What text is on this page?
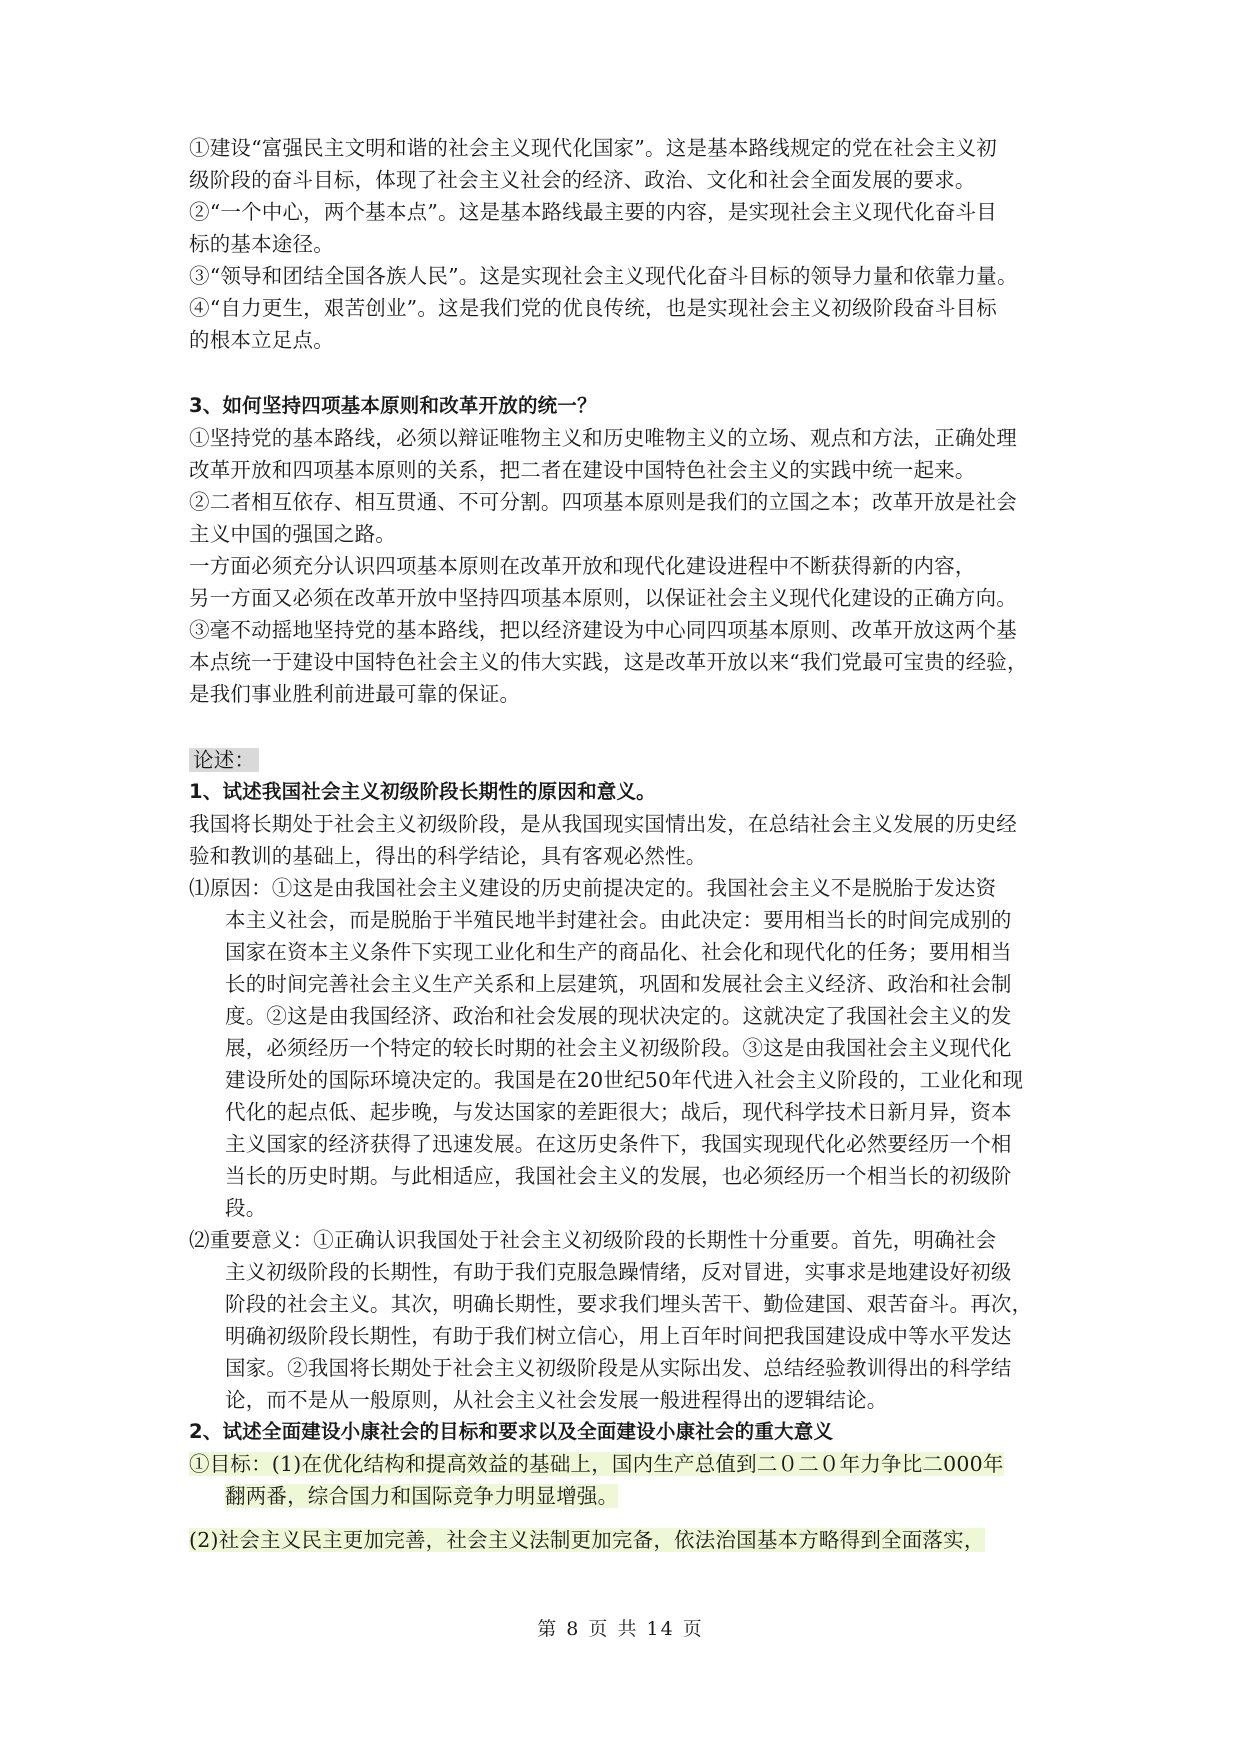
①建设“富强民主文明和谐的社会主义现代化国家”。这是基本路线规定的党在社会主义初
级阶段的奋斗目标，体现了社会主义社会的经济、政治、文化和社会全面发展的要求。
②“一个中心，两个基本点”。这是基本路线最主要的内容，是实现社会主义现代化奋斗目
标的基本途径。
③“领导和团结全国各族人民”。这是实现社会主义现代化奋斗目标的领导力量和依靠力量。
④“自力更生，艰苦创业”。这是我们党的优良传统，也是实现社会主义初级阶段奋斗目标
的根本立足点。
3、如何坚持四项基本原则和改革开放的统一？
①坚持党的基本路线，必须以辩证唯物主义和历史唯物主义的立场、观点和方法，正确处理
改革开放和四项基本原则的关系，把二者在建设中国特色社会主义的实践中统一起来。
②二者相互依存、相互贯通、不可分割。四项基本原则是我们的立国之本；改革开放是社会
主义中国的强国之路。
一方面必须充分认识四项基本原则在改革开放和现代化建设进程中不断获得新的内容，
另一方面又必须在改革开放中坚持四项基本原则，以保证社会主义现代化建设的正确方向。
③毫不动摇地坚持党的基本路线，把以经济建设为中心同四项基本原则、改革开放这两个基
本点统一于建设中国特色社会主义的伟大实践，这是改革开放以来“我们党最可宝贵的经验，
是我们事业胜利前进最可靠的保证。
论述：
1、试述我国社会主义初级阶段长期性的原因和意义。
我国将长期处于社会主义初级阶段，是从我国现实国情出发，在总结社会主义发展的历史经
验和教训的基础上，得出的科学结论，具有客观必然性。
⑴原因：①这是由我国社会主义建设的历史前提决定的。我国社会主义不是脱胎于发达资
本主义社会，而是脱胎于半殖民地半封建社会。由此决定：要用相当长的时间完成别的
国家在资本主义条件下实现工业化和生产的商品化、社会化和现代化的任务；要用相当
长的时间完善社会主义生产关系和上层建筑，巩固和发展社会主义经济、政治和社会制
度。②这是由我国经济、政治和社会发展的现状决定的。这就决定了我国社会主义的发
展，必须经历一个特定的较长时期的社会主义初级阶段。③这是由我国社会主义现代化
建设所处的国际环境决定的。我国是在20世纪50年代进入社会主义阶段的，工业化和现
代化的起点低、起步晚，与发达国家的差距很大；战后，现代科学技术日新月异，资本
主义国家的经济获得了迅速发展。在这历史条件下，我国实现现代化必然要经历一个相
当长的历史时期。与此相适应，我国社会主义的发展，也必须经历一个相当长的初级阶
段。
⑵重要意义：①正确认识我国处于社会主义初级阶段的长期性十分重要。首先，明确社会
主义初级阶段的长期性，有助于我们克服急躁情绪，反对冒进，实事求是地建设好初级
阶段的社会主义。其次，明确长期性，要求我们埋头苦干、勤俭建国、艰苦奋斗。再次，
明确初级阶段长期性，有助于我们树立信心，用上百年时间把我国建设成中等水平发达
国家。②我国将长期处于社会主义初级阶段是从实际出发、总结经验教训得出的科学结
论，而不是从一般原则，从社会主义社会发展一般进程得出的逻辑结论。
2、试述全面建设小康社会的目标和要求以及全面建设小康社会的重大意义
①目标：(1)在优化结构和提高效益的基础上，国内生产总值到二０二０年力争比二000年
翻两番，综合国力和国际竞争力明显增强。
(2)社会主义民主更加完善，社会主义法制更加完备，依法治国基本方略得到全面落实，
第 8 页 共 14 页
